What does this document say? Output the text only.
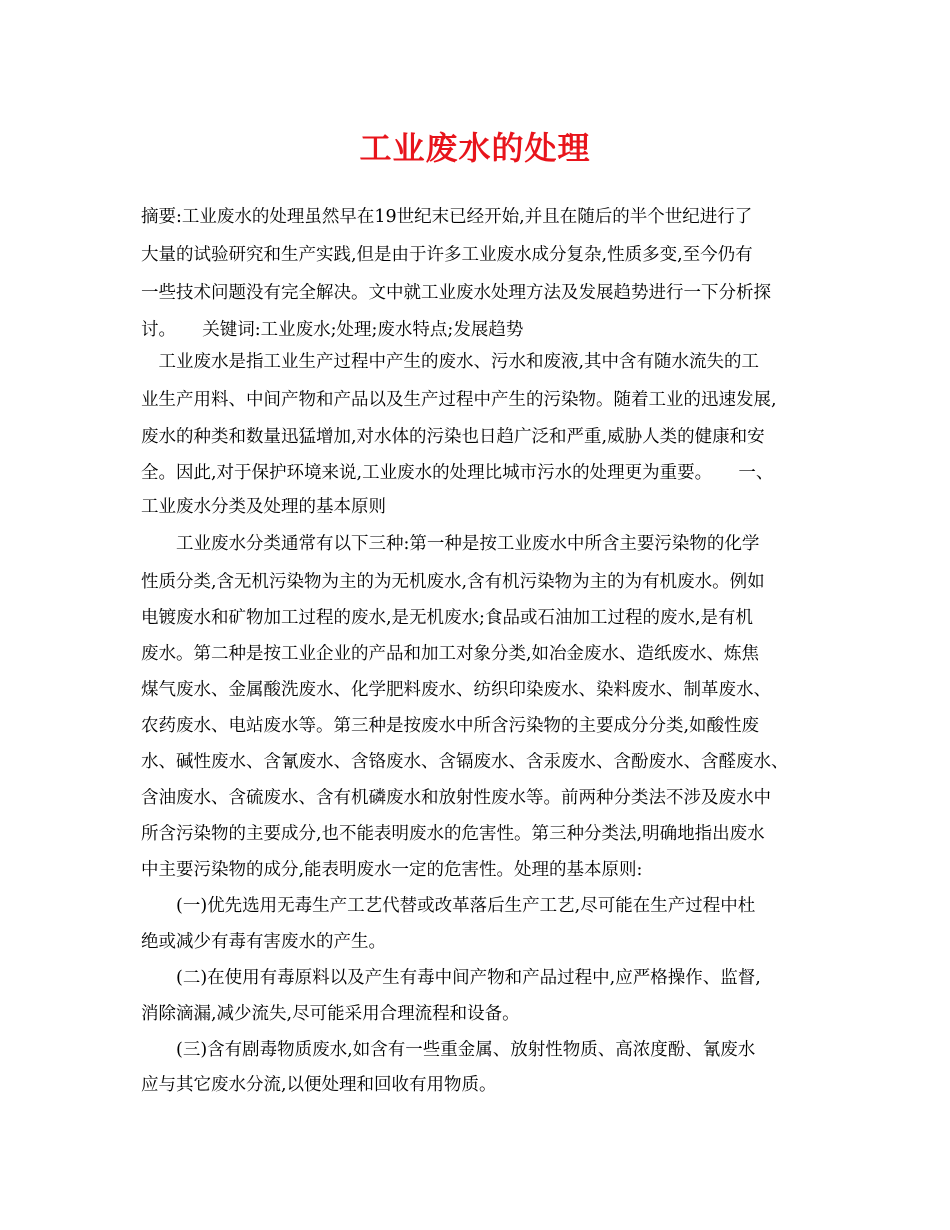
工业废水的处理
摘要:工业废水的处理虽然早在19世纪末已经开始,并且在随后的半个世纪进行了
大量的试验研究和生产实践,但是由于许多工业废水成分复杂,性质多变,至今仍有
一些技术问题没有完全解决。文中就工业废水处理方法及发展趋势进行一下分析探
讨。　　关键词:工业废水;处理;废水特点;发展趋势
　工业废水是指工业生产过程中产生的废水、污水和废液,其中含有随水流失的工
业生产用料、中间产物和产品以及生产过程中产生的污染物。随着工业的迅速发展,
废水的种类和数量迅猛增加,对水体的污染也日趋广泛和严重,威胁人类的健康和安
全。因此,对于保护环境来说,工业废水的处理比城市污水的处理更为重要。　　一、
工业废水分类及处理的基本原则
　　工业废水分类通常有以下三种:第一种是按工业废水中所含主要污染物的化学
性质分类,含无机污染物为主的为无机废水,含有机污染物为主的为有机废水。例如
电镀废水和矿物加工过程的废水,是无机废水;食品或石油加工过程的废水,是有机
废水。第二种是按工业企业的产品和加工对象分类,如冶金废水、造纸废水、炼焦
煤气废水、金属酸洗废水、化学肥料废水、纺织印染废水、染料废水、制革废水、
农药废水、电站废水等。第三种是按废水中所含污染物的主要成分分类,如酸性废
水、碱性废水、含氰废水、含铬废水、含镉废水、含汞废水、含酚废水、含醛废水、
含油废水、含硫废水、含有机磷废水和放射性废水等。前两种分类法不涉及废水中
所含污染物的主要成分,也不能表明废水的危害性。第三种分类法,明确地指出废水
中主要污染物的成分,能表明废水一定的危害性。处理的基本原则:
　　(一)优先选用无毒生产工艺代替或改革落后生产工艺,尽可能在生产过程中杜
绝或减少有毒有害废水的产生。
　　(二)在使用有毒原料以及产生有毒中间产物和产品过程中,应严格操作、监督,
消除滴漏,减少流失,尽可能采用合理流程和设备。
　　(三)含有剧毒物质废水,如含有一些重金属、放射性物质、高浓度酚、氰废水
应与其它废水分流,以便处理和回收有用物质。
